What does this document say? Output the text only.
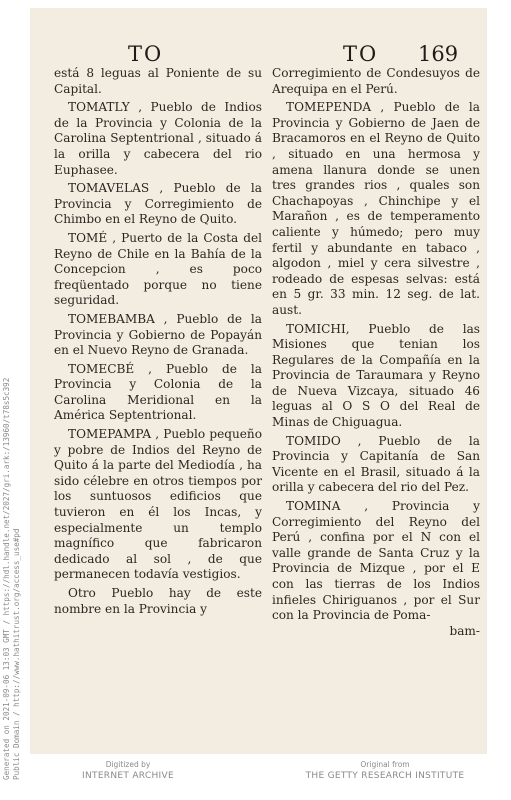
TO	TO 169

está 8 leguas al Poniente de su Capital.

TOMATLY , Pueblo de Indios de la Provincia y Colonia de la Carolina Septentrional , situado á la orilla y cabecera del rio Euphasee.

TOMAVELAS , Pueblo de la Provincia y Corregimiento de Chimbo en el Reyno de Quito.

TOMÉ , Puerto de la Costa del Reyno de Chile en la Bahía de la Concepcion , es poco freqüentado porque no tiene seguridad.

TOMEBAMBA , Pueblo de la Provincia y Gobierno de Popayán en el Nuevo Reyno de Granada.

TOMECBÉ , Pueblo de la Provincia y Colonia de la Carolina Meridional en la América Septentrional.

TOMEPAMPA , Pueblo pequeño y pobre de Indios del Reyno de Quito á la parte del Mediodía , ha sido célebre en otros tiempos por los suntuosos edificios que tuvieron en él los Incas, y especialmente un templo magnífico que fabricaron dedicado al sol , de que permanecen todavía vestigios.

Otro Pueblo hay de este nombre en la Provincia y

Corregimiento de Condesuyos de Arequipa en el Perú.

TOMEPENDA , Pueblo de la Provincia y Gobierno de Jaen de Bracamoros en el Reyno de Quito , situado en una hermosa y amena llanura donde se unen tres grandes rios , quales son Chachapoyas , Chinchipe y el Marañon , es de temperamento caliente y húmedo; pero muy fertil y abundante en tabaco , algodon , miel y cera silvestre , rodeado de espesas selvas: está en 5 gr. 33 min. 12 seg. de lat. aust.

TOMICHI, Pueblo de las Misiones que tenian los Regulares de la Compañía en la Provincia de Taraumara y Reyno de Nueva Vizcaya, situado 46 leguas al O S O del Real de Minas de Chiguagua.

TOMIDO , Pueblo de la Provincia y Capitanía de San Vicente en el Brasil, situado á la orilla y cabecera del rio del Pez.

TOMINA , Provincia y Corregimiento del Reyno del Perú , confina por el N con el valle grande de Santa Cruz y la Provincia de Mizque , por el E con las tierras de los Indios infieles Chiriguanos , por el Sur con la Provincia de Poma-

bam-

Generated on 2021-09-06 13:03 GMT / https://hdl.handle.net/2027/gri.ark:/13960/t78s5c392 Public Domain / http://www.hathitrust.org/access_use#pd	Digitized by
INTERNET ARCHIVE
Original from
THE GETTY RESEARCH INSTITUTE
